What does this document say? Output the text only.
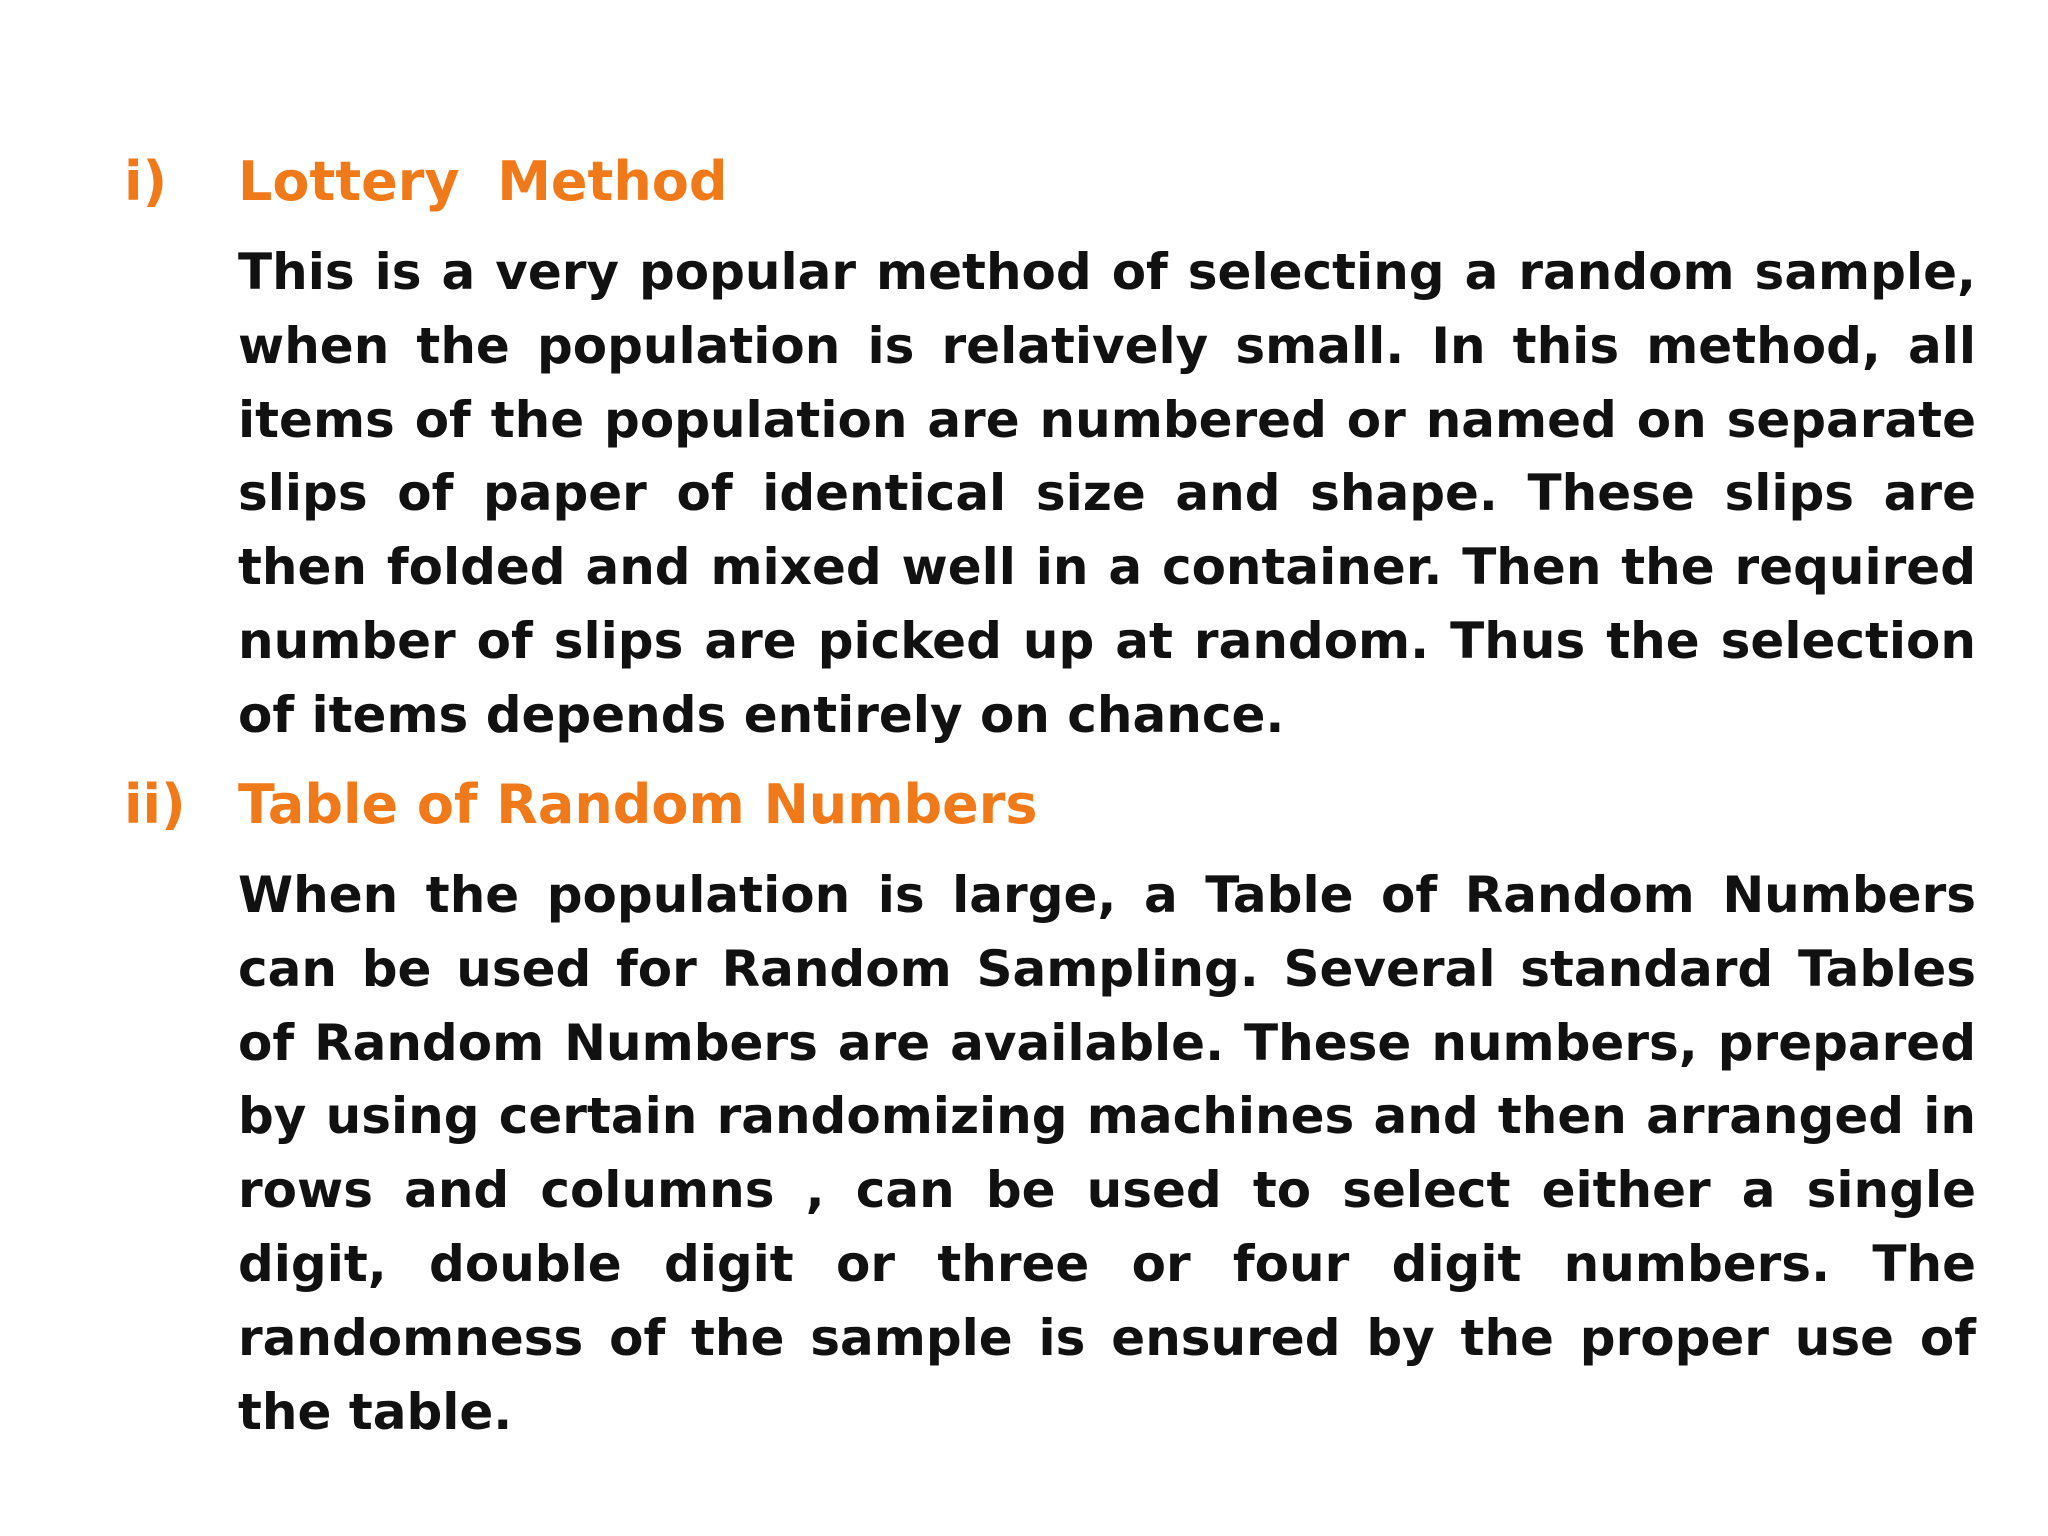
i) Lottery  Method
This is a very popular method of selecting a random sample, when the population is relatively small. In this method, all items of the population are numbered or named on separate slips of paper of identical size and shape. These slips are then folded and mixed well in a container. Then the required number of slips are picked up at random. Thus the selection of items depends entirely on chance.
ii) Table of Random Numbers
When the population is large, a Table of Random Numbers can be used for Random Sampling. Several standard Tables of Random Numbers are available. These numbers, prepared by using certain randomizing machines and then arranged in rows and columns , can be used to select either a single digit, double digit or three or four digit numbers. The randomness of the sample is ensured by the proper use of the table.
